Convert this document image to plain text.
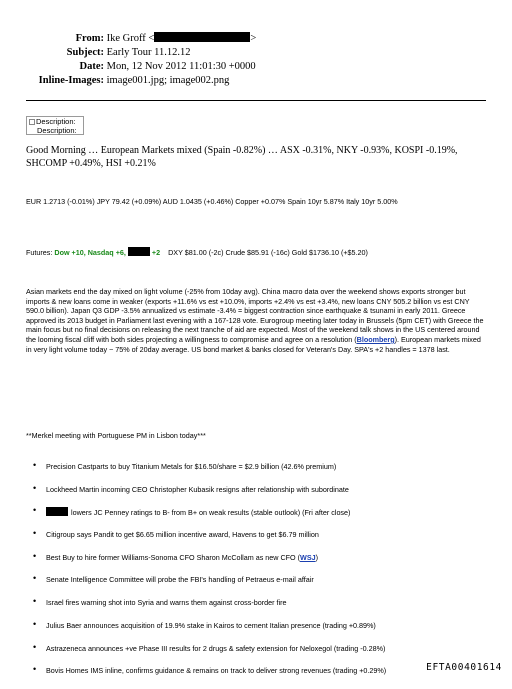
From: Ike Groff <	>
Subject: Early Tour 11.12.12
Date: Mon, 12 Nov 2012 11:01:30 +0000
Inline-Images: image001.jpg; image002.png
Description:
Description:
Good Morning … European Markets mixed (Spain -0.82%) … ASX -0.31%, NKY -0.93%, KOSPI -0.19%, SHCOMP +0.49%, HSI +0.21%
EUR 1.2713 (-0.01%) JPY 79.42 (+0.09%) AUD 1.0435 (+0.46%) Copper +0.07% Spain 10yr 5.87% Italy 10yr 5.00%
Futures: Dow +10, Nasdaq +6,	+2 DXY $81.00 (-2c) Crude $85.91 (-16c) Gold $1736.10 (+$5.20)
Asian markets end the day mixed on light volume (-25% from 10day avg). China macro data over the weekend shows exports stronger but imports & new loans come in weaker (exports +11.6% vs est +10.0%, imports +2.4% vs est +3.4%, new loans CNY 505.2 billion vs est CNY 590.0 billion). Japan Q3 GDP -3.5% annualized vs estimate -3.4% = biggest contraction since earthquake & tsunami in early 2011. Greece approved its 2013 budget in Parliament last evening with a 167-128 vote. Eurogroup meeting later today in Brussels (5pm CET) with Greece the main focus but no final decisions on releasing the next tranche of aid are expected. Most of the weekend talk shows in the US centered around the looming fiscal cliff with both sides projecting a willingness to compromise and agree on a resolution (Bloomberg). European markets mixed in very light volume today ~ 75% of 20day average. US bond market & banks closed for Veteran's Day. SPA's +2 handles = 1378 last.
**Merkel meeting with Portuguese PM in Lisbon today***
• Precision Castparts to buy Titanium Metals for $16.50/share = $2.9 billion (42.6% premium)
• Lockheed Martin incoming CEO Christopher Kubasik resigns after relationship with subordinate
•	lowers JC Penney ratings to B- from B+ on weak results (stable outlook) (Fri after close)
• Citigroup says Pandit to get $6.65 million incentive award, Havens to get $6.79 million
• Best Buy to hire former Williams-Sonoma CFO Sharon McCollam as new CFO (WSJ)
• Senate Intelligence Committee will probe the FBI's handling of Petraeus e-mail affair
• Israel fires warning shot into Syria and warns them against cross-border fire
• Julius Baer announces acquisition of 19.9% stake in Kairos to cement Italian presence (trading +0.89%)
• Astrazeneca announces +ve Phase III results for 2 drugs & safety extension for Neloxegol (trading -0.28%)
• Bovis Homes IMS inline, confirms guidance & remains on track to deliver strong revenues (trading +0.29%)	EFTA00401614
